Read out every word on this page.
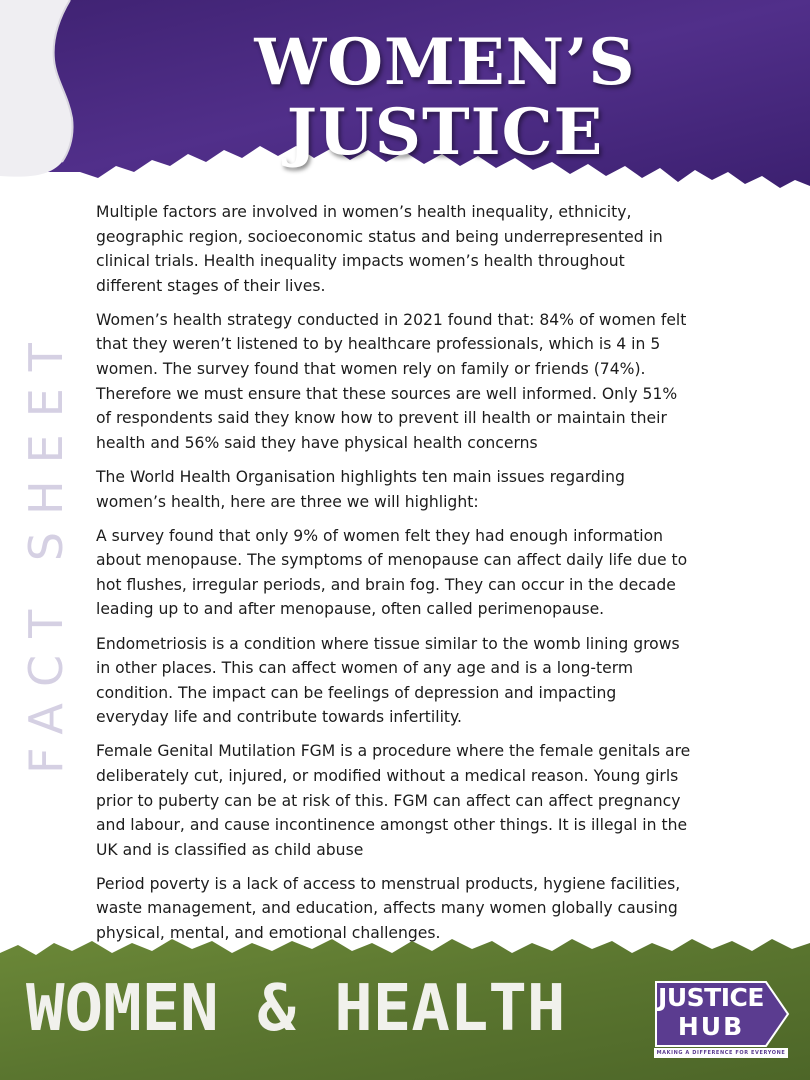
WOMEN’S JUSTICE
FACT SHEET

Multiple factors are involved in women’s health inequality, ethnicity, geographic region, socioeconomic status and being underrepresented in clinical trials. Health inequality impacts women’s health throughout different stages of their lives.

Women’s health strategy conducted in 2021 found that: 84% of women felt that they weren’t listened to by healthcare professionals, which is 4 in 5 women. The survey found that women rely on family or friends (74%). Therefore we must ensure that these sources are well informed. Only 51% of respondents said they know how to prevent ill health or maintain their health and 56% said they have physical health concerns

The World Health Organisation highlights ten main issues regarding women’s health, here are three we will highlight:

A survey found that only 9% of women felt they had enough information about menopause. The symptoms of menopause can affect daily life due to hot flushes, irregular periods, and brain fog. They can occur in the decade leading up to and after menopause, often called perimenopause.

Endometriosis is a condition where tissue similar to the womb lining grows in other places. This can affect women of any age and is a long-term condition. The impact can be feelings of depression and impacting everyday life and contribute towards infertility.

Female Genital Mutilation FGM is a procedure where the female genitals are deliberately cut, injured, or modified without a medical reason. Young girls prior to puberty can be at risk of this. FGM can affect can affect pregnancy and labour, and cause incontinence amongst other things. It is illegal in the UK and is classified as child abuse

Period poverty is a lack of access to menstrual products, hygiene facilities, waste management, and education, affects many women globally causing physical, mental, and emotional challenges.

WOMEN & HEALTH	JUSTICE
HUB
MAKING A DIFFERENCE FOR EVERYONE
